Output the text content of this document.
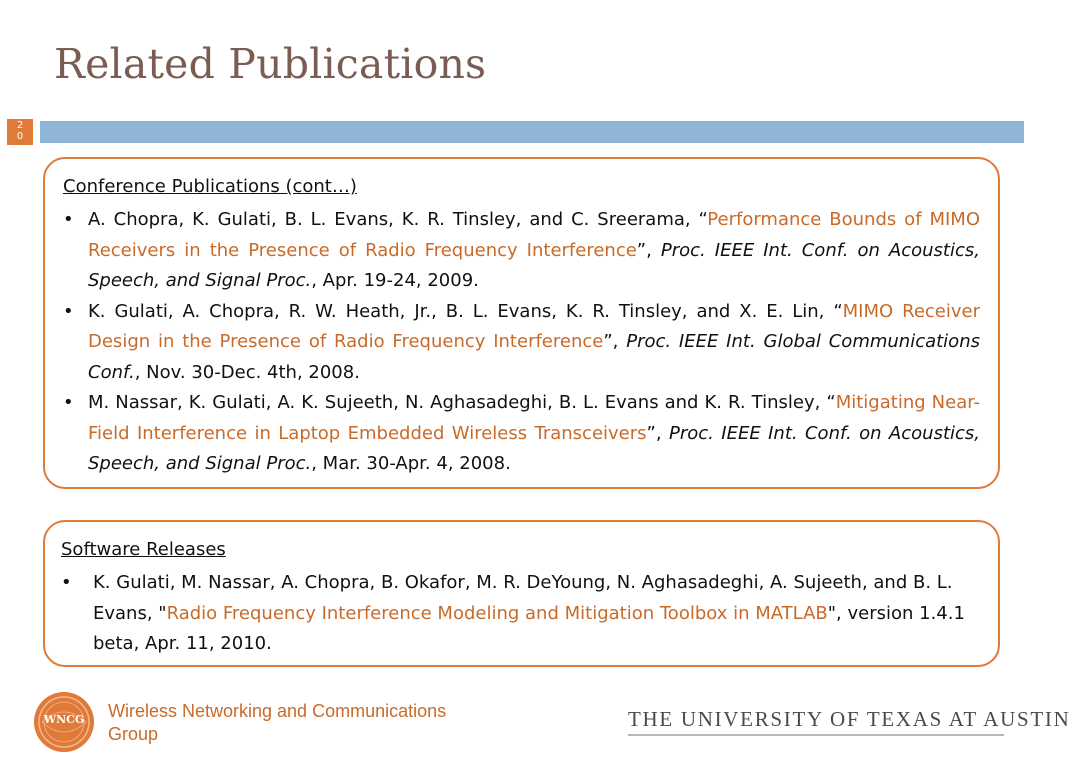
Related Publications
2
0
Conference Publications (cont…)
• A. Chopra, K. Gulati, B. L. Evans, K. R. Tinsley, and C. Sreerama, “Performance Bounds of MIMO Receivers in the Presence of Radio Frequency Interference”, Proc. IEEE Int. Conf. on Acoustics, Speech, and Signal Proc., Apr. 19-24, 2009.
• K. Gulati, A. Chopra, R. W. Heath, Jr., B. L. Evans, K. R. Tinsley, and X. E. Lin, “MIMO Receiver Design in the Presence of Radio Frequency Interference”, Proc. IEEE Int. Global Communications Conf., Nov. 30-Dec. 4th, 2008.
• M. Nassar, K. Gulati, A. K. Sujeeth, N. Aghasadeghi, B. L. Evans and K. R. Tinsley, “Mitigating Near-Field Interference in Laptop Embedded Wireless Transceivers”, Proc. IEEE Int. Conf. on Acoustics, Speech, and Signal Proc., Mar. 30-Apr. 4, 2008.
Software Releases
• K. Gulati, M. Nassar, A. Chopra, B. Okafor, M. R. DeYoung, N. Aghasadeghi, A. Sujeeth, and B. L. Evans, "Radio Frequency Interference Modeling and Mitigation Toolbox in MATLAB", version 1.4.1 beta, Apr. 11, 2010.
WNCG	Wireless Networking and Communications Group
THE UNIVERSITY OF TEXAS AT AUSTIN
